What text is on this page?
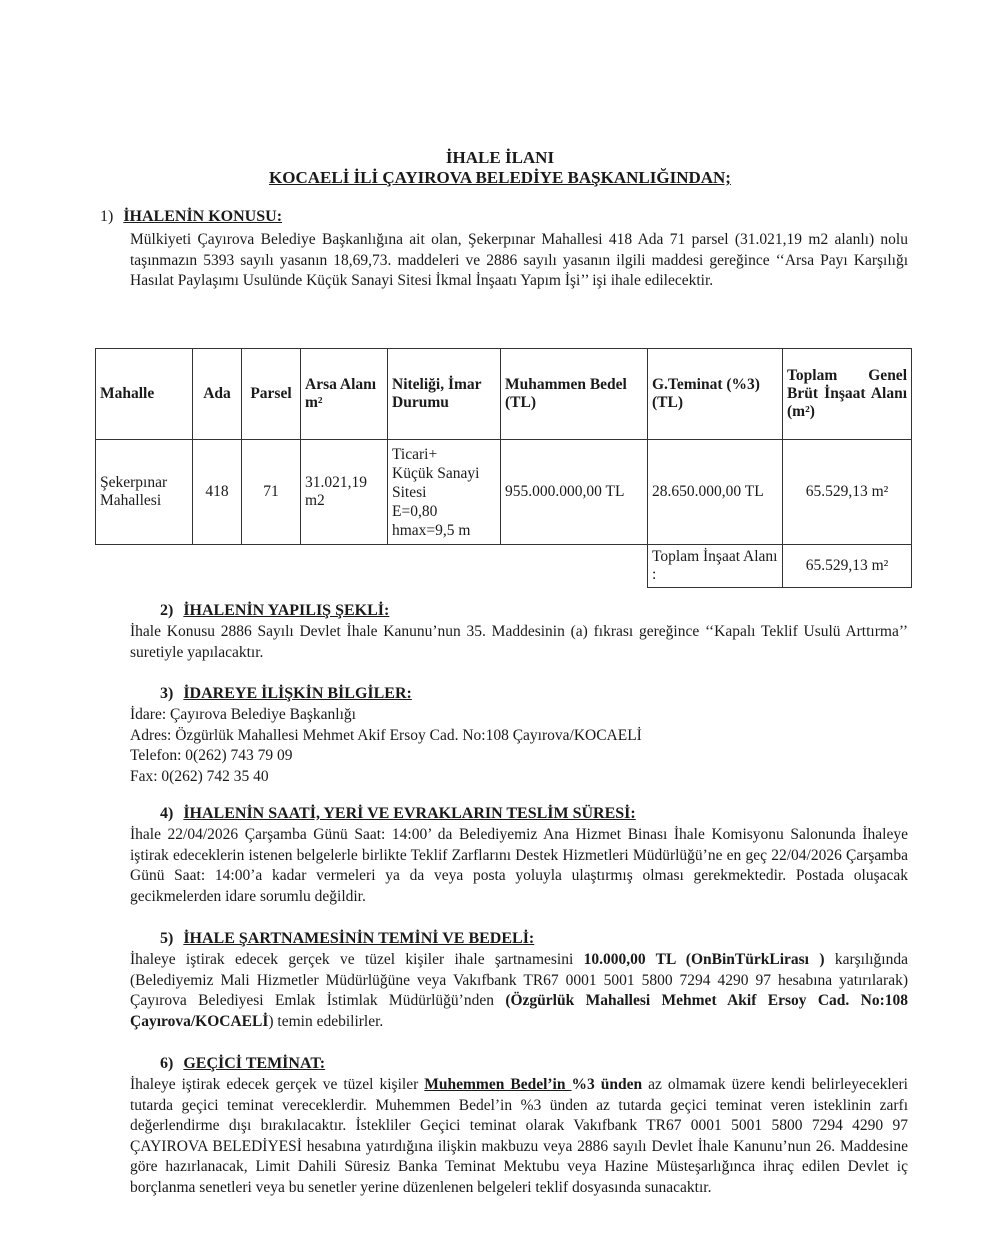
İHALE İLANI
KOCAELİ İLİ ÇAYIROVA BELEDİYE BAŞKANLIĞINDAN;
1) İHALENİN KONUSU:
Mülkiyeti Çayırova Belediye Başkanlığına ait olan, Şekerpınar Mahallesi 418 Ada 71 parsel (31.021,19 m2 alanlı) nolu taşınmazın 5393 sayılı yasanın 18,69,73. maddeleri ve 2886 sayılı yasanın ilgili maddesi gereğince ‘‘Arsa Payı Karşılığı Hasılat Paylaşımı Usulünde Küçük Sanayi Sitesi İkmal İnşaatı Yapım İşi’’ işi ihale edilecektir.
Mahalle	Ada	Parsel	Arsa Alanı m²	Niteliği, İmar Durumu	Muhammen Bedel (TL)	G.Teminat (%3)(TL)	Toplam Genel Brüt İnşaat Alanı (m²)
Şekerpınar Mahallesi	418	71	31.021,19 m2	Ticari+
Küçük Sanayi
Sitesi
E=0,80
hmax=9,5 m	955.000.000,00 TL	28.650.000,00 TL	65.529,13 m²
						Toplam İnşaat Alanı :	65.529,13 m²
2) İHALENİN YAPILIŞ ŞEKLİ:
İhale Konusu 2886 Sayılı Devlet İhale Kanunu’nun 35. Maddesinin (a) fıkrası gereğince ‘‘Kapalı Teklif Usulü Arttırma’’ suretiyle yapılacaktır.
3) İDAREYE İLİŞKİN BİLGİLER:
İdare: Çayırova Belediye Başkanlığı
Adres: Özgürlük Mahallesi Mehmet Akif Ersoy Cad. No:108 Çayırova/KOCAELİ
Telefon: 0(262) 743 79 09
Fax: 0(262) 742 35 40
4) İHALENİN SAATİ, YERİ VE EVRAKLARIN TESLİM SÜRESİ:
İhale 22/04/2026 Çarşamba Günü Saat: 14:00’ da Belediyemiz Ana Hizmet Binası İhale Komisyonu Salonunda İhaleye iştirak edeceklerin istenen belgelerle birlikte Teklif Zarflarını Destek Hizmetleri Müdürlüğü’ne en geç 22/04/2026 Çarşamba Günü Saat: 14:00’a kadar vermeleri ya da veya posta yoluyla ulaştırmış olması gerekmektedir. Postada oluşacak gecikmelerden idare sorumlu değildir.
5) İHALE ŞARTNAMESİNİN TEMİNİ VE BEDELİ:
İhaleye iştirak edecek gerçek ve tüzel kişiler ihale şartnamesini 10.000,00 TL (OnBinTürkLirası ) karşılığında (Belediyemiz Mali Hizmetler Müdürlüğüne veya Vakıfbank TR67 0001 5001 5800 7294 4290 97 hesabına yatırılarak) Çayırova Belediyesi Emlak İstimlak Müdürlüğü’nden (Özgürlük Mahallesi Mehmet Akif Ersoy Cad. No:108 Çayırova/KOCAELİ) temin edebilirler.
6) GEÇİCİ TEMİNAT:
İhaleye iştirak edecek gerçek ve tüzel kişiler Muhemmen Bedel’in %3 ünden az olmamak üzere kendi belirleyecekleri tutarda geçici teminat vereceklerdir. Muhemmen Bedel’in %3 ünden az tutarda geçici teminat veren isteklinin zarfı değerlendirme dışı bırakılacaktır. İstekliler Geçici teminat olarak Vakıfbank TR67 0001 5001 5800 7294 4290 97 ÇAYIROVA BELEDİYESİ hesabına yatırdığına ilişkin makbuzu veya 2886 sayılı Devlet İhale Kanunu’nun 26. Maddesine göre hazırlanacak, Limit Dahili Süresiz Banka Teminat Mektubu veya Hazine Müsteşarlığınca ihraç edilen Devlet iç borçlanma senetleri veya bu senetler yerine düzenlenen belgeleri teklif dosyasında sunacaktır.
